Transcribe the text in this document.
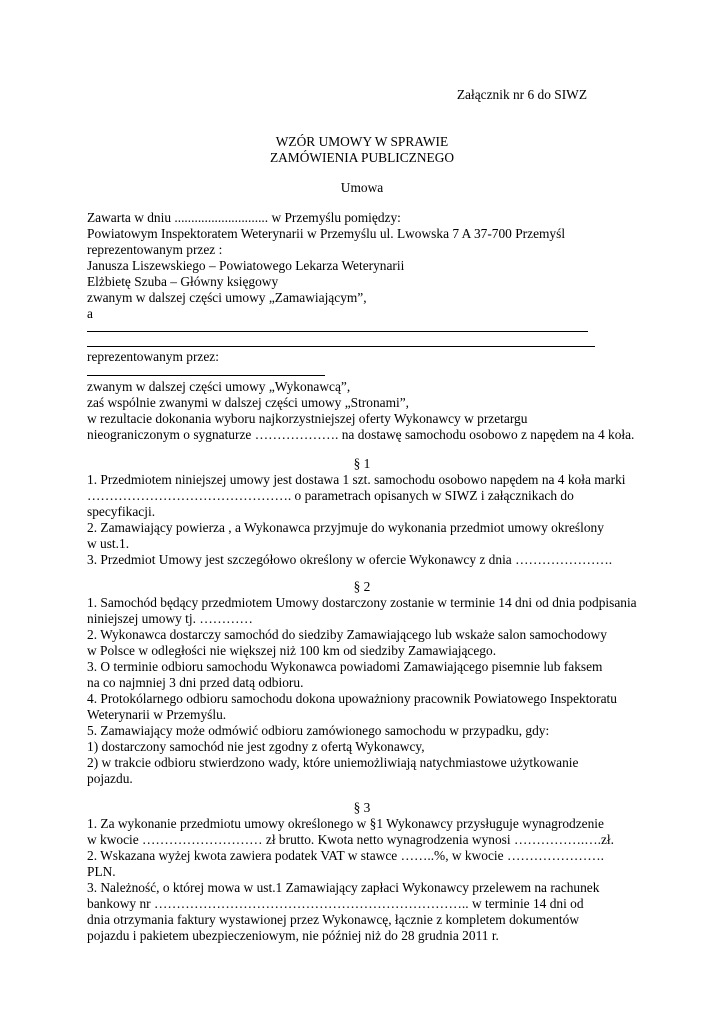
Załącznik nr 6 do SIWZ
WZÓR UMOWY W SPRAWIE
ZAMÓWIENIA PUBLICZNEGO
Umowa
Zawarta w dniu ............................ w Przemyślu pomiędzy:
Powiatowym Inspektoratem Weterynarii w Przemyślu ul. Lwowska 7 A 37-700 Przemyśl
reprezentowanym przez :
Janusza Liszewskiego – Powiatowego Lekarza Weterynarii
Elżbietę Szuba – Główny księgowy
zwanym w dalszej części umowy „Zamawiającym”,
a
reprezentowanym przez:
zwanym w dalszej części umowy „Wykonawcą”,
zaś wspólnie zwanymi w dalszej części umowy „Stronami”,
w rezultacie dokonania wyboru najkorzystniejszej oferty Wykonawcy w przetargu
nieograniczonym o sygnaturze ………………. na dostawę samochodu osobowo z napędem na 4 koła.
§ 1
1. Przedmiotem niniejszej umowy jest dostawa 1 szt. samochodu osobowo napędem na 4 koła marki
………………………………………. o parametrach opisanych w SIWZ i załącznikach do
specyfikacji.
2. Zamawiający powierza , a Wykonawca przyjmuje do wykonania przedmiot umowy określony
w ust.1.
3. Przedmiot Umowy jest szczegółowo określony w ofercie Wykonawcy z dnia ………………….
§ 2
1. Samochód będący przedmiotem Umowy dostarczony zostanie w terminie 14 dni od dnia podpisania
niniejszej umowy tj. …………
2. Wykonawca dostarczy samochód do siedziby Zamawiającego lub wskaże salon samochodowy
w Polsce w odległości nie większej niż 100 km od siedziby Zamawiającego.
3. O terminie odbioru samochodu Wykonawca powiadomi Zamawiającego pisemnie lub faksem
na co najmniej 3 dni przed datą odbioru.
4. Protokólarnego odbioru samochodu dokona upoważniony pracownik Powiatowego Inspektoratu
Weterynarii w Przemyślu.
5. Zamawiający może odmówić odbioru zamówionego samochodu w przypadku, gdy:
1) dostarczony samochód nie jest zgodny z ofertą Wykonawcy,
2) w trakcie odbioru stwierdzono wady, które uniemożliwiają natychmiastowe użytkowanie
pojazdu.
§ 3
1. Za wykonanie przedmiotu umowy określonego w §1 Wykonawcy przysługuje wynagrodzenie
w kwocie ……………………… zł brutto. Kwota netto wynagrodzenia wynosi …………….….zł.
2. Wskazana wyżej kwota zawiera podatek VAT w stawce ……..%, w kwocie ………………….
PLN.
3. Należność, o której mowa w ust.1 Zamawiający zapłaci Wykonawcy przelewem na rachunek
bankowy nr …………………………………………………………….. w terminie 14 dni od
dnia otrzymania faktury wystawionej przez Wykonawcę, łącznie z kompletem dokumentów
pojazdu i pakietem ubezpieczeniowym, nie później niż do 28 grudnia 2011 r.
